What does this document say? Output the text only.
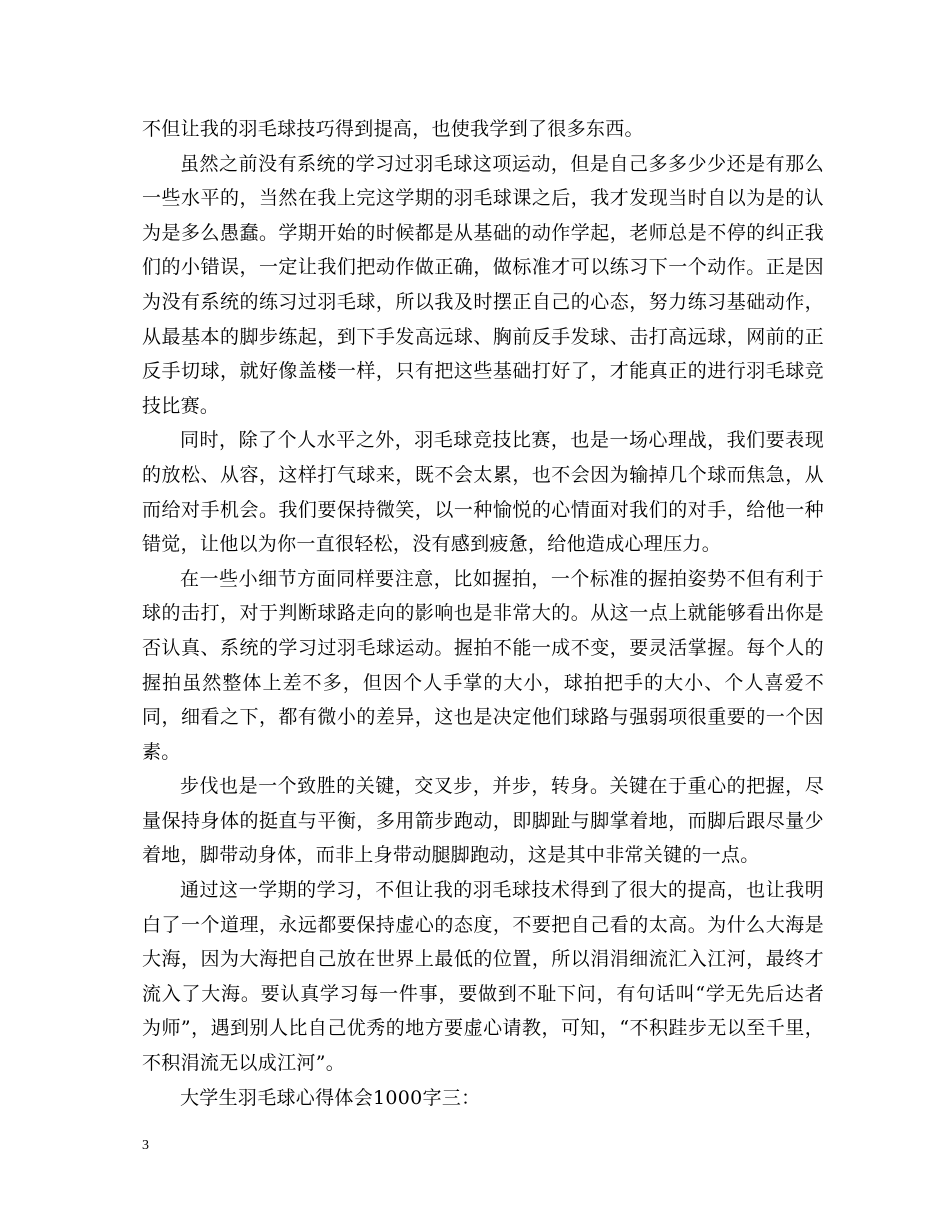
不但让我的羽毛球技巧得到提高，也使我学到了很多东西。

虽然之前没有系统的学习过羽毛球这项运动，但是自己多多少少还是有那么一些水平的，当然在我上完这学期的羽毛球课之后，我才发现当时自以为是的认为是多么愚蠢。学期开始的时候都是从基础的动作学起，老师总是不停的纠正我们的小错误，一定让我们把动作做正确，做标准才可以练习下一个动作。正是因为没有系统的练习过羽毛球，所以我及时摆正自己的心态，努力练习基础动作，从最基本的脚步练起，到下手发高远球、胸前反手发球、击打高远球，网前的正反手切球，就好像盖楼一样，只有把这些基础打好了，才能真正的进行羽毛球竞技比赛。

同时，除了个人水平之外，羽毛球竞技比赛，也是一场心理战，我们要表现的放松、从容，这样打气球来，既不会太累，也不会因为输掉几个球而焦急，从而给对手机会。我们要保持微笑，以一种愉悦的心情面对我们的对手，给他一种错觉，让他以为你一直很轻松，没有感到疲惫，给他造成心理压力。

在一些小细节方面同样要注意，比如握拍，一个标准的握拍姿势不但有利于球的击打，对于判断球路走向的影响也是非常大的。从这一点上就能够看出你是否认真、系统的学习过羽毛球运动。握拍不能一成不变，要灵活掌握。每个人的握拍虽然整体上差不多，但因个人手掌的大小，球拍把手的大小、个人喜爱不同，细看之下，都有微小的差异，这也是决定他们球路与强弱项很重要的一个因素。

步伐也是一个致胜的关键，交叉步，并步，转身。关键在于重心的把握，尽量保持身体的挺直与平衡，多用箭步跑动，即脚趾与脚掌着地，而脚后跟尽量少着地，脚带动身体，而非上身带动腿脚跑动，这是其中非常关键的一点。

通过这一学期的学习，不但让我的羽毛球技术得到了很大的提高，也让我明白了一个道理，永远都要保持虚心的态度，不要把自己看的太高。为什么大海是大海，因为大海把自己放在世界上最低的位置，所以涓涓细流汇入江河，最终才流入了大海。要认真学习每一件事，要做到不耻下问，有句话叫“学无先后达者为师”，遇到别人比自己优秀的地方要虚心请教，可知，“不积跬步无以至千里，不积涓流无以成江河”。

大学生羽毛球心得体会1000字三：

3
